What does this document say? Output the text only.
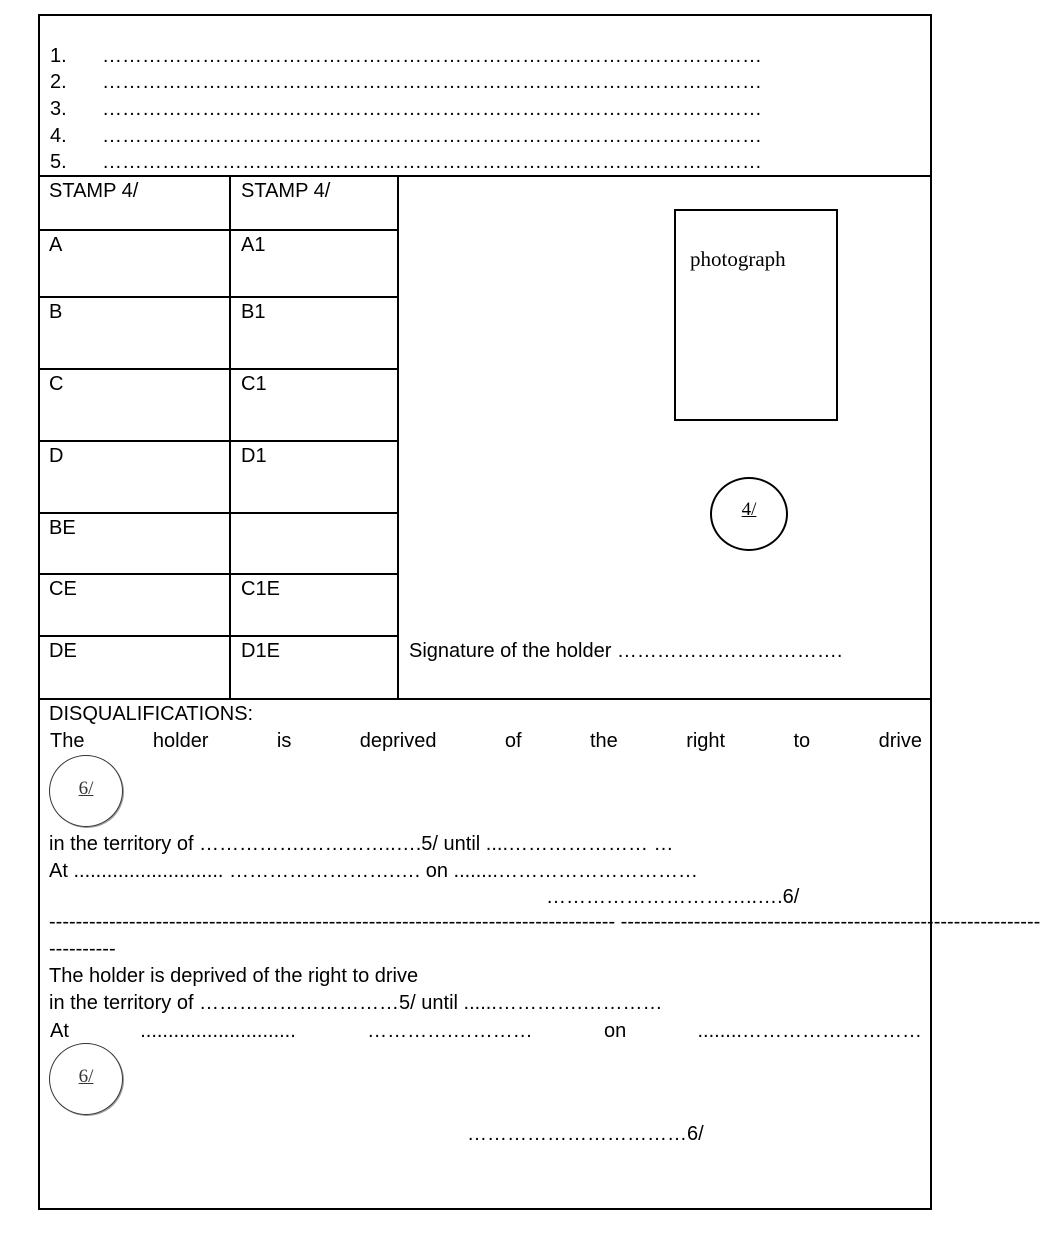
1. ………………………………………………………………………………………
2. ………………………………………………………………………………………
3. ………………………………………………………………………………………
4. ………………………………………………………………………………………
5. ………………………………………………………………………………………
STAMP 4/	STAMP 4/
A	A1
B	B1
C	C1
D	D1
BE
CE	C1E
DE	D1E
photograph
4/
Signature of the holder …………………………….
DISQUALIFICATIONS:
The	holder	is	deprived	of	the	right	to	drive
6/
in the territory of …………….…………..….5/ until ....………………… …
At ........................... …………………….…. on ........…………………………
…………………………..….6/
------------------------------------------------------------------------------------- ---------------------------------------------------------------
----------
The holder is deprived of the right to drive
in the territory of …………………………5/ until ......………….…………
At	............................	………….…………	on	........………………………
6/
……………………………6/
